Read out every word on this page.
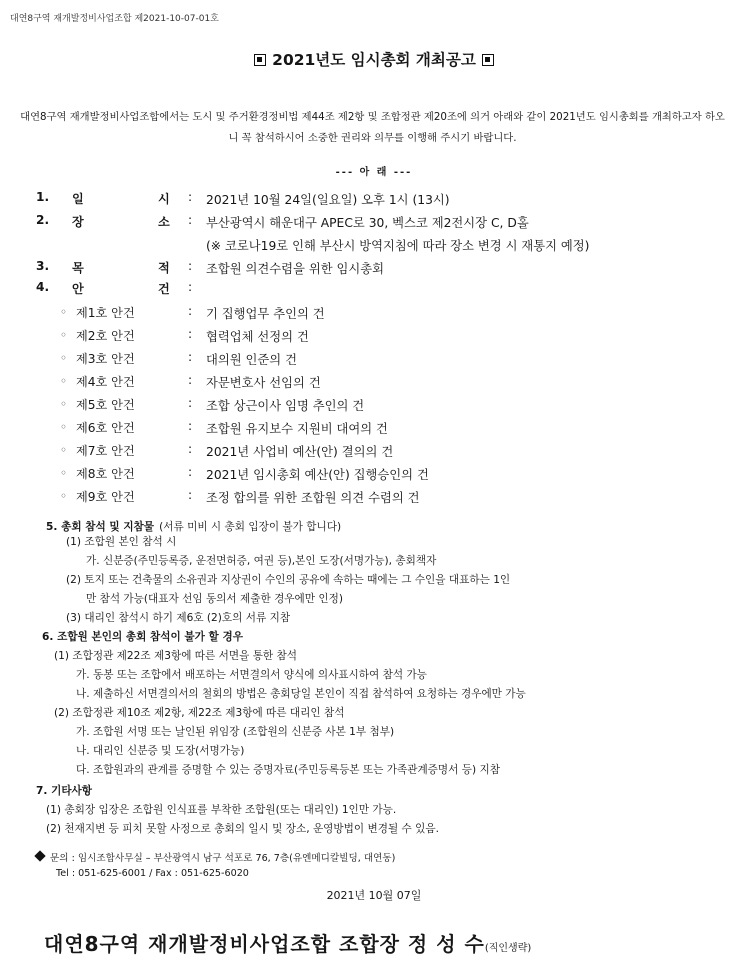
대연8구역 재개발정비사업조합 제2021-10-07-01호
2021년도 임시총회 개최공고
대연8구역 재개발정비사업조합에서는 도시 및 주거환경정비법 제44조 제2항 및 조합정관 제20조에 의거 아래와 같이 2021년도 임시총회를 개최하고자 하오니 꼭 참석하시어 소중한 권리와 의무를 이행해 주시기 바랍니다.
--- 아 래 ---
1. 일	시 : 2021년 10월 24일(일요일) 오후 1시 (13시)
2. 장	소 : 부산광역시 해운대구 APEC로 30, 벡스코 제2전시장 C, D홀
(※ 코로나19로 인해 부산시 방역지침에 따라 장소 변경 시 재통지 예정)
3. 목	적 : 조합원 의견수렴을 위한 임시총회
4. 안	건 :
◦ 제1호 안건	: 기 집행업무 추인의 건
◦ 제2호 안건	: 협력업체 선정의 건
◦ 제3호 안건	: 대의원 인준의 건
◦ 제4호 안건	: 자문변호사 선임의 건
◦ 제5호 안건	: 조합 상근이사 임명 추인의 건
◦ 제6호 안건	: 조합원 유지보수 지원비 대여의 건
◦ 제7호 안건	: 2021년 사업비 예산(안) 결의의 건
◦ 제8호 안건	: 2021년 임시총회 예산(안) 집행승인의 건
◦ 제9호 안건	: 조정 합의를 위한 조합원 의견 수렴의 건
5. 총회 참석 및 지참물 (서류 미비 시 총회 입장이 불가 합니다)
(1) 조합원 본인 참석 시
가. 신분증(주민등록증, 운전면허증, 여권 등),본인 도장(서명가능), 총회책자
(2) 토지 또는 건축물의 소유권과 지상권이 수인의 공유에 속하는 때에는 그 수인을 대표하는 1인
만 참석 가능(대표자 선임 동의서 제출한 경우에만 인정)
(3) 대리인 참석시 하기 제6호 (2)호의 서류 지참
6. 조합원 본인의 총회 참석이 불가 할 경우
(1) 조합정관 제22조 제3항에 따른 서면을 통한 참석
가. 동봉 또는 조합에서 배포하는 서면결의서 양식에 의사표시하여 참석 가능
나. 제출하신 서면결의서의 철회의 방법은 총회당일 본인이 직접 참석하여 요청하는 경우에만 가능
(2) 조합정관 제10조 제2항, 제22조 제3항에 따른 대리인 참석
가. 조합원 서명 또는 날인된 위임장 (조합원의 신분증 사본 1부 첨부)
나. 대리인 신분증 및 도장(서명가능)
다. 조합원과의 관계를 증명할 수 있는 증명자료(주민등록등본 또는 가족관계증명서 등) 지참
7. 기타사항
(1) 총회장 입장은 조합원 인식표를 부착한 조합원(또는 대리인) 1인만 가능.
(2) 천재지변 등 피치 못할 사정으로 총회의 일시 및 장소, 운영방법이 변경될 수 있음.
문의 : 임시조합사무실 – 부산광역시 남구 석포로 76, 7층(유엔메디칼빌딩, 대연동)
Tel : 051-625-6001 / Fax : 051-625-6020
2021년 10월 07일
대연8구역 재개발정비사업조합 조합장 정 성 수(직인생략)
